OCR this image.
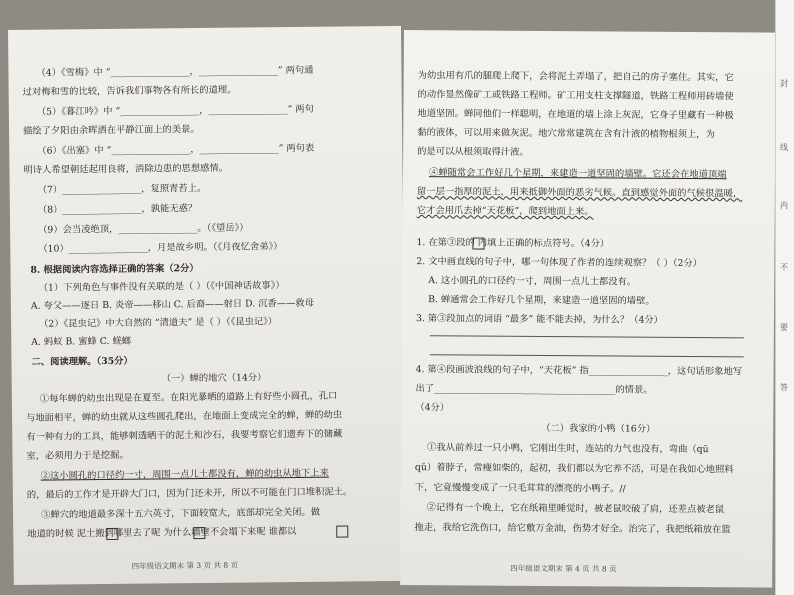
（4）《雪梅》中 “_________________，_________________” 两句通
过对梅和雪的比较，告诉我们事物各有所长的道理。
（5）《暮江吟》中 “_________________，_________________” 两句
描绘了夕阳由余晖洒在平静江面上的美景。
（6）《出塞》中 “_________________，_________________” 两句表
明诗人希望朝廷起用良将，消除边患的思想感情。
（7）_________________，复照青苔上。
（8）_________________，孰能无惑？
（9）会当凌绝顶，_________________。（《望岳》）
（10）_________________，月是故乡明。（《月夜忆舍弟》）
8. 根据阅读内容选择正确的答案（2分）
（1）下列角色与事件没有关联的是（ ）（《中国神话故事》）
A. 夸父——逐日 B. 炎帝——移山 C. 后裔——射日 D. 沉香——救母
（2）《昆虫记》中大自然的 “清道夫” 是（ ）（《昆虫记》）
A. 蚂蚁 B. 蜜蜂 C. 蜣螂
二、阅读理解。（35分）
（一）蝉的地穴（14分）
①每年蝉的幼虫出现是在夏至。在阳光暴晒的道路上有好些小圆孔，孔口
与地面相平，蝉的幼虫就从这些圆孔爬出，在地面上变成完全的蝉，蝉的幼虫
有一种有力的工具，能够刺透晒干的泥土和沙石，我要考察它们遗弃下的储藏
室，必须用力于是挖掘。
②这小圆孔的口径约一寸，周围一点儿土都没有，蝉的幼虫从地下上来
的，最后的工作才是开辟大门口，因为门还未开，所以不可能在门口堆积泥土。
③蝉穴的地道最多深十五六英寸，下面较宽大，底部却完全关闭。做
地道的时候 泥土搬到哪里去了呢 为什么墙壁不会塌下来呢 谁都以
四年级语文期末 第 3 页 共 8 页
为幼虫用有爪的腿爬上爬下，会将泥土弄塌了，把自己的房子塞住。其实，它
的动作显然像矿工或铁路工程师。矿工用支柱支撑隧道，铁路工程师用砖墙使
地道坚固。蝉同他们一样聪明，在地道的墙上涂上灰泥，它身子里藏有一种极
黏的液体，可以用来做灰泥。地穴常常建筑在含有汁液的植物根须上，为
的是可以从根须取得汁液。
④蝉随常会工作好几个星期，来建造一道坚固的墙壁。它还会在地道顶端
留一层一指厚的泥土，用来抵御外面的恶劣气候。直到感觉外面的气候很温暖，
它才会用爪去掉“天花板”，爬到地面上来。
1. 在第③段的 内填上正确的标点符号。（4分）
2. 文中画直线的句子中，哪一句体现了作者的连续观察？（ ）（2分）
A. 这小圆孔的口径约一寸，周围一点儿土都没有。
B. 蝉通常会工作好几个星期，来建造一道坚固的墙壁。
3. 第③段加点的词语 “最多” 能不能去掉，为什么？（4分）
4. 第④段画波浪线的句子中，“天花板” 指_________________，这句话形象地写
出了_______________________________________的情景。
（4分）
（二）我家的小鸭（16分）
①我从前养过一只小鸭，它刚出生时，连站的力气也没有，弯曲（qū
qǔ）着脖子，常瘦如柴的，起初，我们都以为它养不活，可是在我如心地照料
下，它竟慢慢变成了一只毛茸茸的漂亮的小鸭子。//
②记得有一个晚上，它在纸箱里睡觉时，被老鼠咬破了肩，还差点被老鼠
拖走，我给它洗伤口，给它敷万金油，伤势才好全。治完了，我把纸箱放在篮
四年级语文期末 第 4 页 共 8 页
封
线
内
不
要
答
